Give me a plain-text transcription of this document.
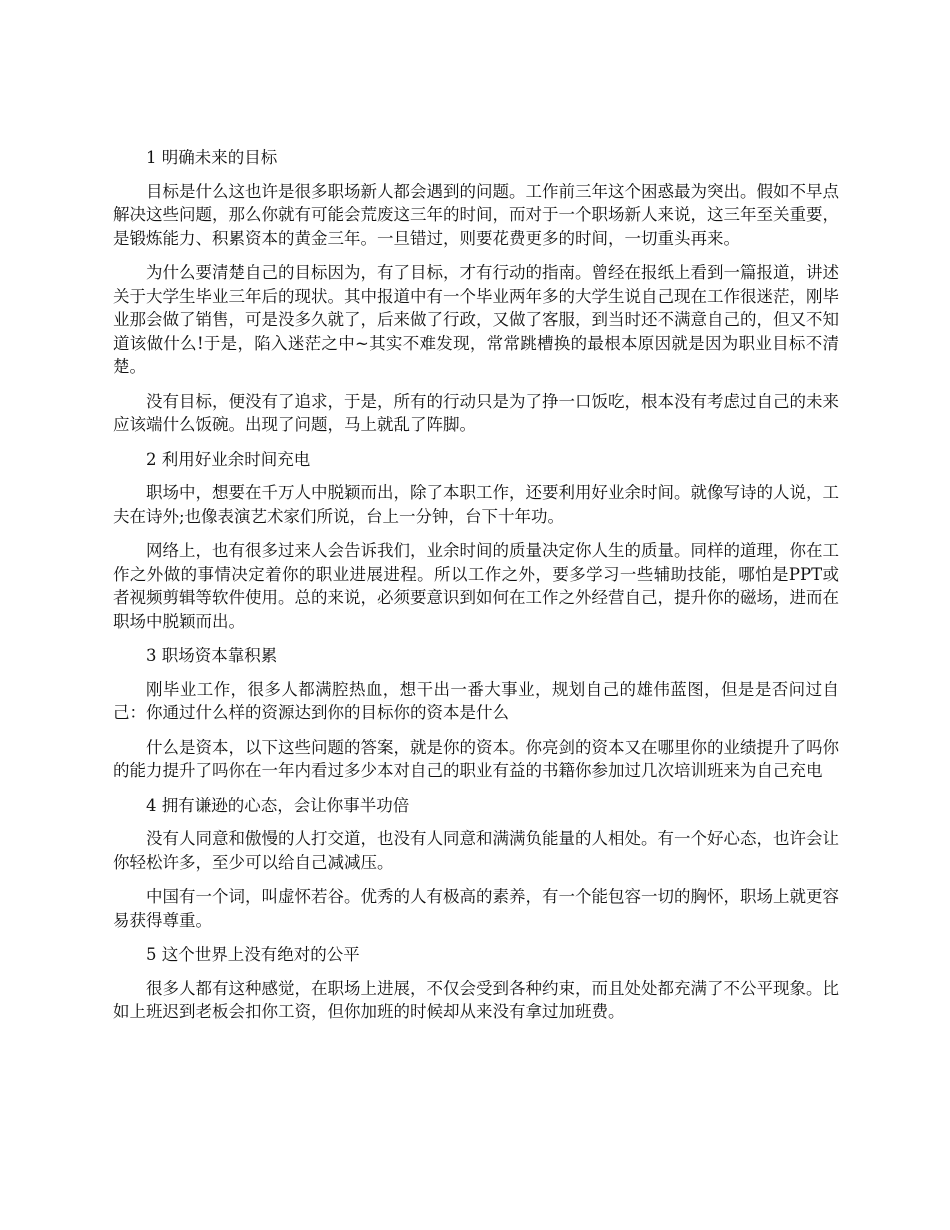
1 明确未来的目标

目标是什么这也许是很多职场新人都会遇到的问题。工作前三年这个困惑最为突出。假如不早点解决这些问题，那么你就有可能会荒废这三年的时间，而对于一个职场新人来说，这三年至关重要，是锻炼能力、积累资本的黄金三年。一旦错过，则要花费更多的时间，一切重头再来。

为什么要清楚自己的目标因为，有了目标，才有行动的指南。曾经在报纸上看到一篇报道，讲述关于大学生毕业三年后的现状。其中报道中有一个毕业两年多的大学生说自己现在工作很迷茫，刚毕业那会做了销售，可是没多久就了，后来做了行政，又做了客服，到当时还不满意自己的，但又不知道该做什么!于是，陷入迷茫之中~其实不难发现，常常跳槽换的最根本原因就是因为职业目标不清楚。

没有目标，便没有了追求，于是，所有的行动只是为了挣一口饭吃，根本没有考虑过自己的未来应该端什么饭碗。出现了问题，马上就乱了阵脚。

2 利用好业余时间充电

职场中，想要在千万人中脱颖而出，除了本职工作，还要利用好业余时间。就像写诗的人说，工夫在诗外;也像表演艺术家们所说，台上一分钟，台下十年功。

网络上，也有很多过来人会告诉我们，业余时间的质量决定你人生的质量。同样的道理，你在工作之外做的事情决定着你的职业进展进程。所以工作之外，要多学习一些辅助技能，哪怕是PPT或者视频剪辑等软件使用。总的来说，必须要意识到如何在工作之外经营自己，提升你的磁场，进而在职场中脱颖而出。

3 职场资本靠积累

刚毕业工作，很多人都满腔热血，想干出一番大事业，规划自己的雄伟蓝图，但是是否问过自己：你通过什么样的资源达到你的目标你的资本是什么

什么是资本，以下这些问题的答案，就是你的资本。你亮剑的资本又在哪里你的业绩提升了吗你的能力提升了吗你在一年内看过多少本对自己的职业有益的书籍你参加过几次培训班来为自己充电

4 拥有谦逊的心态，会让你事半功倍

没有人同意和傲慢的人打交道，也没有人同意和满满负能量的人相处。有一个好心态，也许会让你轻松许多，至少可以给自己减减压。

中国有一个词，叫虚怀若谷。优秀的人有极高的素养，有一个能包容一切的胸怀，职场上就更容易获得尊重。

5 这个世界上没有绝对的公平

很多人都有这种感觉，在职场上进展，不仅会受到各种约束，而且处处都充满了不公平现象。比如上班迟到老板会扣你工资，但你加班的时候却从来没有拿过加班费。
